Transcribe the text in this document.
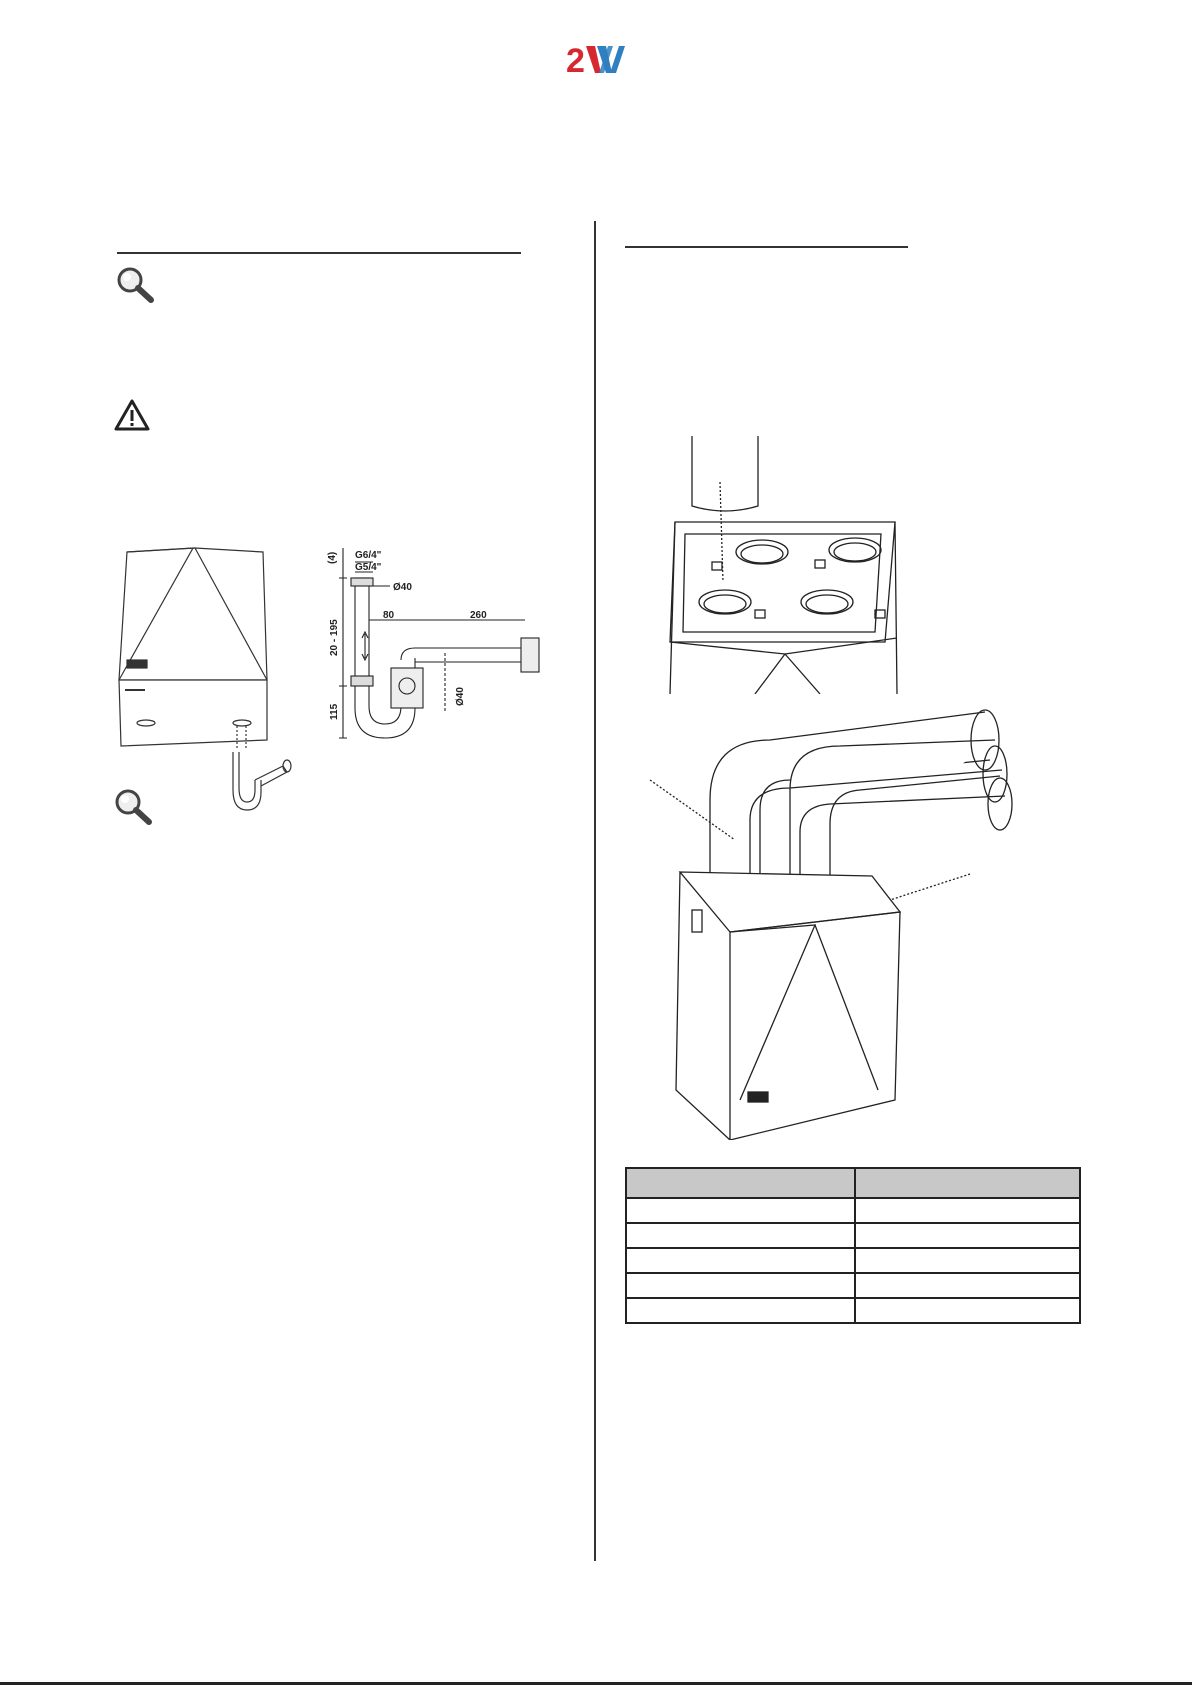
2
(4) G6/4"
G5/4"
Ø40
20 - 195
80	260
115
Ø40
